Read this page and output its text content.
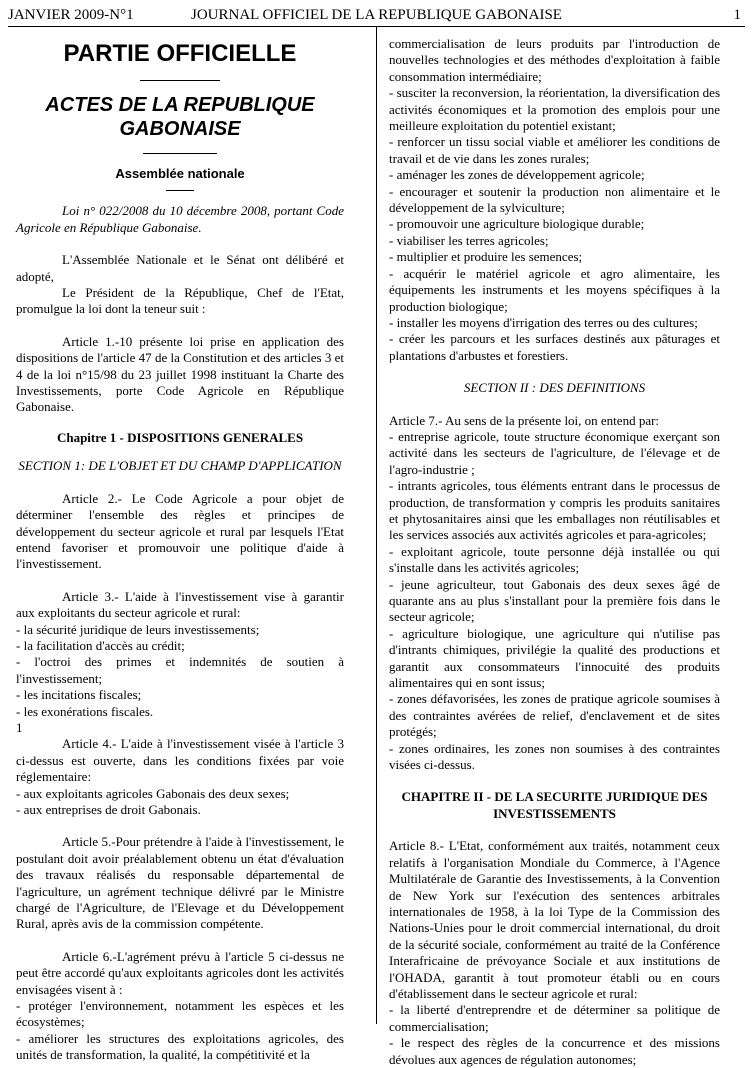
JANVIER 2009-N°1	JOURNAL OFFICIEL DE LA REPUBLIQUE GABONAISE	1

PARTIE OFFICIELLE

ACTES DE LA REPUBLIQUE GABONAISE

Assemblée nationale

Loi n° 022/2008 du 10 décembre 2008, portant Code Agricole en République Gabonaise.

L'Assemblée Nationale et le Sénat ont délibéré et adopté,

Le Président de la République, Chef de l'Etat, promulgue la loi dont la teneur suit :

Article 1.-10 présente loi prise en application des dispositions de l'article 47 de la Constitution et des articles 3 et 4 de la loi n°15/98 du 23 juillet 1998 instituant la Charte des Investissements, porte Code Agricole en République Gabonaise.

Chapitre 1 - DISPOSITIONS GENERALES

SECTION 1: DE L'OBJET ET DU CHAMP D'APPLICATION

Article 2.- Le Code Agricole a pour objet de déterminer l'ensemble des règles et principes de développement du secteur agricole et rural par lesquels l'Etat entend favoriser et promouvoir une politique d'aide à l'investissement.

Article 3.- L'aide à l'investissement vise à garantir aux exploitants du secteur agricole et rural:

- la sécurité juridique de leurs investissements;

- la facilitation d'accès au crédit;

- l'octroi des primes et indemnités de soutien à l'investissement;

- les incitations fiscales;

- les exonérations fiscales.

1

Article 4.- L'aide à l'investissement visée à l'article 3 ci-dessus est ouverte, dans les conditions fixées par voie réglementaire:

- aux exploitants agricoles Gabonais des deux sexes;

- aux entreprises de droit Gabonais.

Article 5.-Pour prétendre à l'aide à l'investissement, le postulant doit avoir préalablement obtenu un état d'évaluation des travaux réalisés du responsable départemental de l'agriculture, un agrément technique délivré par le Ministre chargé de l'Agriculture, de l'Elevage et du Développement Rural, après avis de la commission compétente.

Article 6.-L'agrément prévu à l'article 5 ci-dessus ne peut être accordé qu'aux exploitants agricoles dont les activités envisagées visent à :

- protéger l'environnement, notamment les espèces et les écosystèmes;

- améliorer les structures des exploitations agricoles, des unités de transformation, la qualité, la compétitivité et la

commercialisation de leurs produits par l'introduction de nouvelles technologies et des méthodes d'exploitation à faible consommation intermédiaire;

- susciter la reconversion, la réorientation, la diversification des activités économiques et la promotion des emplois pour une meilleure exploitation du potentiel existant;

- renforcer un tissu social viable et améliorer les conditions de travail et de vie dans les zones rurales;

- aménager les zones de développement agricole;

- encourager et soutenir la production non alimentaire et le développement de la sylviculture;

- promouvoir une agriculture biologique durable;

- viabiliser les terres agricoles;

- multiplier et produire les semences;

- acquérir le matériel agricole et agro alimentaire, les équipements les instruments et les moyens spécifiques à la production biologique;

- installer les moyens d'irrigation des terres ou des cultures;

- créer les parcours et les surfaces destinés aux pâturages et plantations d'arbustes et forestiers.

SECTION II : DES DEFINITIONS

Article 7.- Au sens de la présente loi, on entend par:

- entreprise agricole, toute structure économique exerçant son activité dans les secteurs de l'agriculture, de l'élevage et de l'agro-industrie ;

- intrants agricoles, tous éléments entrant dans le processus de production, de transformation y compris les produits sanitaires et phytosanitaires ainsi que les emballages non réutilisables et les services associés aux activités agricoles et para-agricoles;

- exploitant agricole, toute personne déjà installée ou qui s'installe dans les activités agricoles;

- jeune agriculteur, tout Gabonais des deux sexes âgé de quarante ans au plus s'installant pour la première fois dans le secteur agricole;

- agriculture biologique, une agriculture qui n'utilise pas d'intrants chimiques, privilégie la qualité des productions et garantit aux consommateurs l'innocuité des produits alimentaires qui en sont issus;

- zones défavorisées, les zones de pratique agricole soumises à des contraintes avérées de relief, d'enclavement et de sites protégés;

- zones ordinaires, les zones non soumises à des contraintes visées ci-dessus.

CHAPITRE II - DE LA SECURITE JURIDIQUE DES INVESTISSEMENTS

Article 8.- L'Etat, conformément aux traités, notamment ceux relatifs à l'organisation Mondiale du Commerce, à l'Agence Multilatérale de Garantie des Investissements, à la Convention de New York sur l'exécution des sentences arbitrales internationales de 1958, à la loi Type de la Commission des Nations-Unies pour le droit commercial international, du droit de la sécurité sociale, conformément au traité de la Conférence Interafricaine de prévoyance Sociale et aux institutions de l'OHADA, garantit à tout promoteur établi ou en cours d'établissement dans le secteur agricole et rural:

- la liberté d'entreprendre et de déterminer sa politique de commercialisation;

- le respect des règles de la concurrence et des missions dévolues aux agences de régulation autonomes;
